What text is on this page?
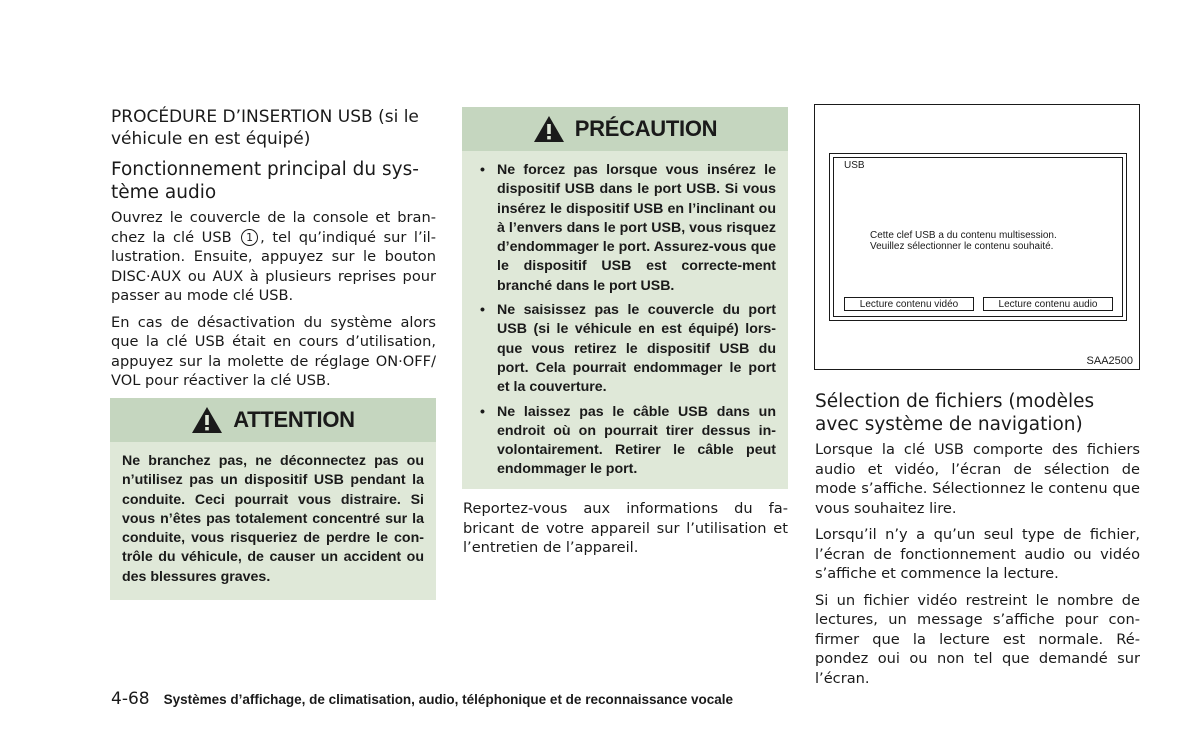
PROCÉDURE D’INSERTION USB (si le véhicule en est équipé)
Fonctionnement principal du sys-tème audio

Ouvrez le couvercle de la console et bran-chez la clé USB 1 , tel qu’indiqué sur l’il-lustration. Ensuite, appuyez sur le bouton DISC·AUX ou AUX à plusieurs reprises pour passer au mode clé USB.

En cas de désactivation du système alors que la clé USB était en cours d’utilisation, appuyez sur la molette de réglage ON·OFF/ VOL pour réactiver la clé USB.

ATTENTION

Ne branchez pas, ne déconnectez pas ou n’utilisez pas un dispositif USB pendant la conduite. Ceci pourrait vous distraire. Si vous n’êtes pas totalement concentré sur la conduite, vous risqueriez de perdre le con-trôle du véhicule, de causer un accident ou des blessures graves.

PRÉCAUTION
• Ne forcez pas lorsque vous insérez le dispositif USB dans le port USB. Si vous insérez le dispositif USB en l’inclinant ou à l’envers dans le port USB, vous risquez d’endommager le port. Assurez-vous que le dispositif USB est correcte-ment branché dans le port USB.
• Ne saisissez pas le couvercle du port USB (si le véhicule en est équipé) lors-que vous retirez le dispositif USB du port. Cela pourrait endommager le port et la couverture.
• Ne laissez pas le câble USB dans un endroit où on pourrait tirer dessus in-volontairement. Retirer le câble peut endommager le port.

Reportez-vous aux informations du fa-bricant de votre appareil sur l’utilisation et l’entretien de l’appareil.

USB
Cette clef USB a du contenu multisession.
Veuillez sélectionner le contenu souhaité.
Lecture contenu vidéo	Lecture contenu audio
SAA2500
Sélection de fichiers (modèles avec système de navigation)

Lorsque la clé USB comporte des fichiers audio et vidéo, l’écran de sélection de mode s’affiche. Sélectionnez le contenu que vous souhaitez lire.

Lorsqu’il n’y a qu’un seul type de fichier, l’écran de fonctionnement audio ou vidéo s’affiche et commence la lecture.

Si un fichier vidéo restreint le nombre de lectures, un message s’affiche pour con-firmer que la lecture est normale. Ré-pondez oui ou non tel que demandé sur l’écran.

4-68 Systèmes d’affichage, de climatisation, audio, téléphonique et de reconnaissance vocale
